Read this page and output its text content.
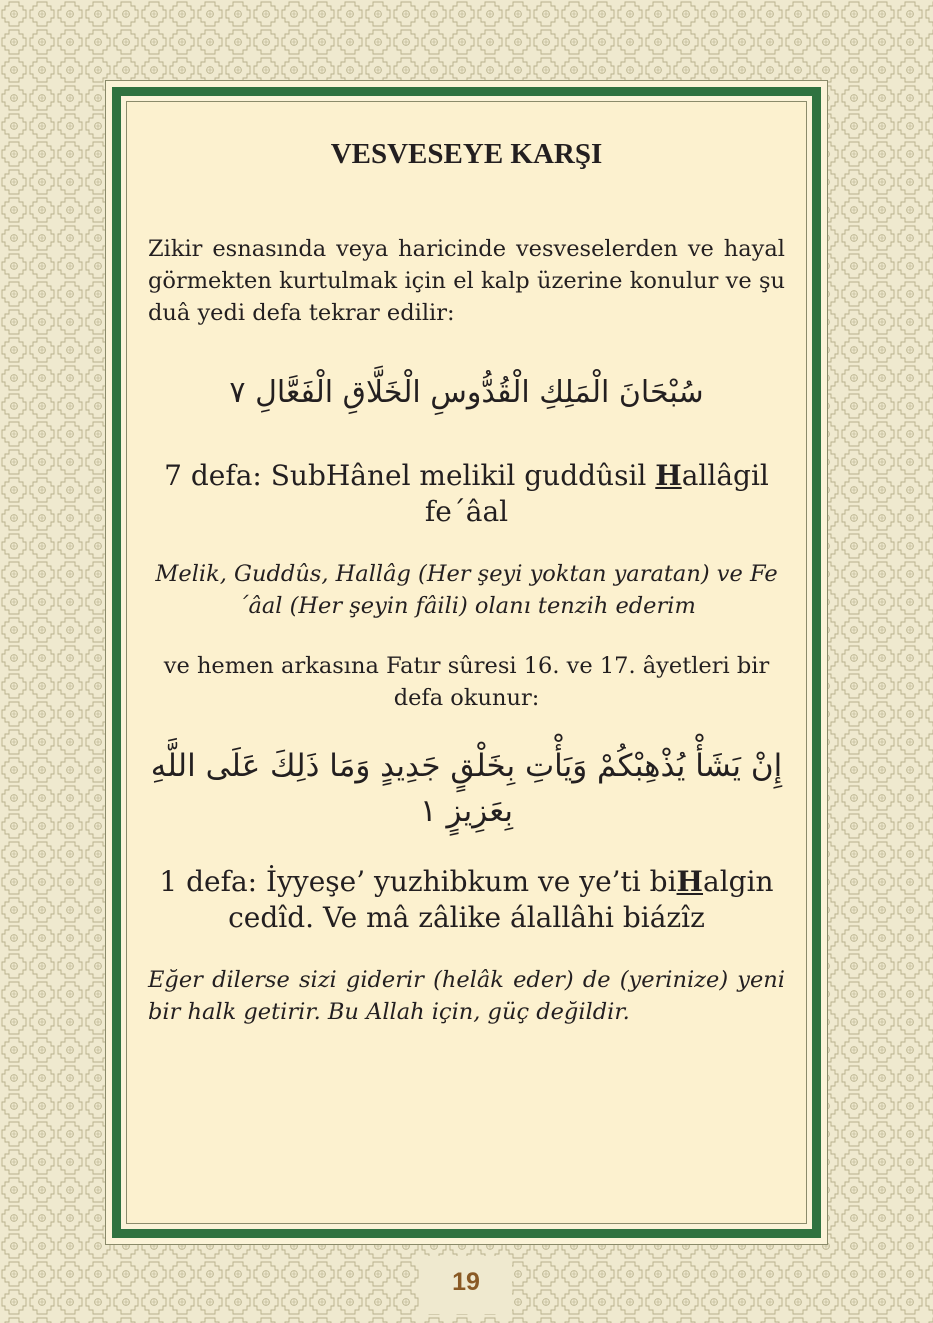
VESVESEYE KARŞI
Zikir esnasında veya haricinde vesveselerden ve hayal görmekten kurtulmak için el kalp üzerine konulur ve şu duâ yedi defa tekrar edilir:
سُبْحَانَ الْمَلِكِ الْقُدُّوسِ الْخَلَّاقِ الْفَعَّالِ ٧
7 defa: SubHânel melikil guddûsil Hallâgil fe´âal
Melik, Guddûs, Hallâg (Her şeyi yoktan yaratan) ve Fe´âal (Her şeyin fâili) olanı tenzih ederim
ve hemen arkasına Fatır sûresi 16. ve 17. âyetleri bir defa okunur:
إِنْ يَشَأْ يُذْهِبْكُمْ وَيَأْتِ بِخَلْقٍ جَدِيدٍ وَمَا ذَلِكَ عَلَى اللَّهِ
بِعَزِيزٍ ١
1 defa: İyyeşe’ yuzhibkum ve ye’ti biHalgin cedîd. Ve mâ zâlike álallâhi biázîz
Eğer dilerse sizi giderir (helâk eder) de (yerinize) yeni bir halk getirir. Bu Allah için, güç değildir.
19
